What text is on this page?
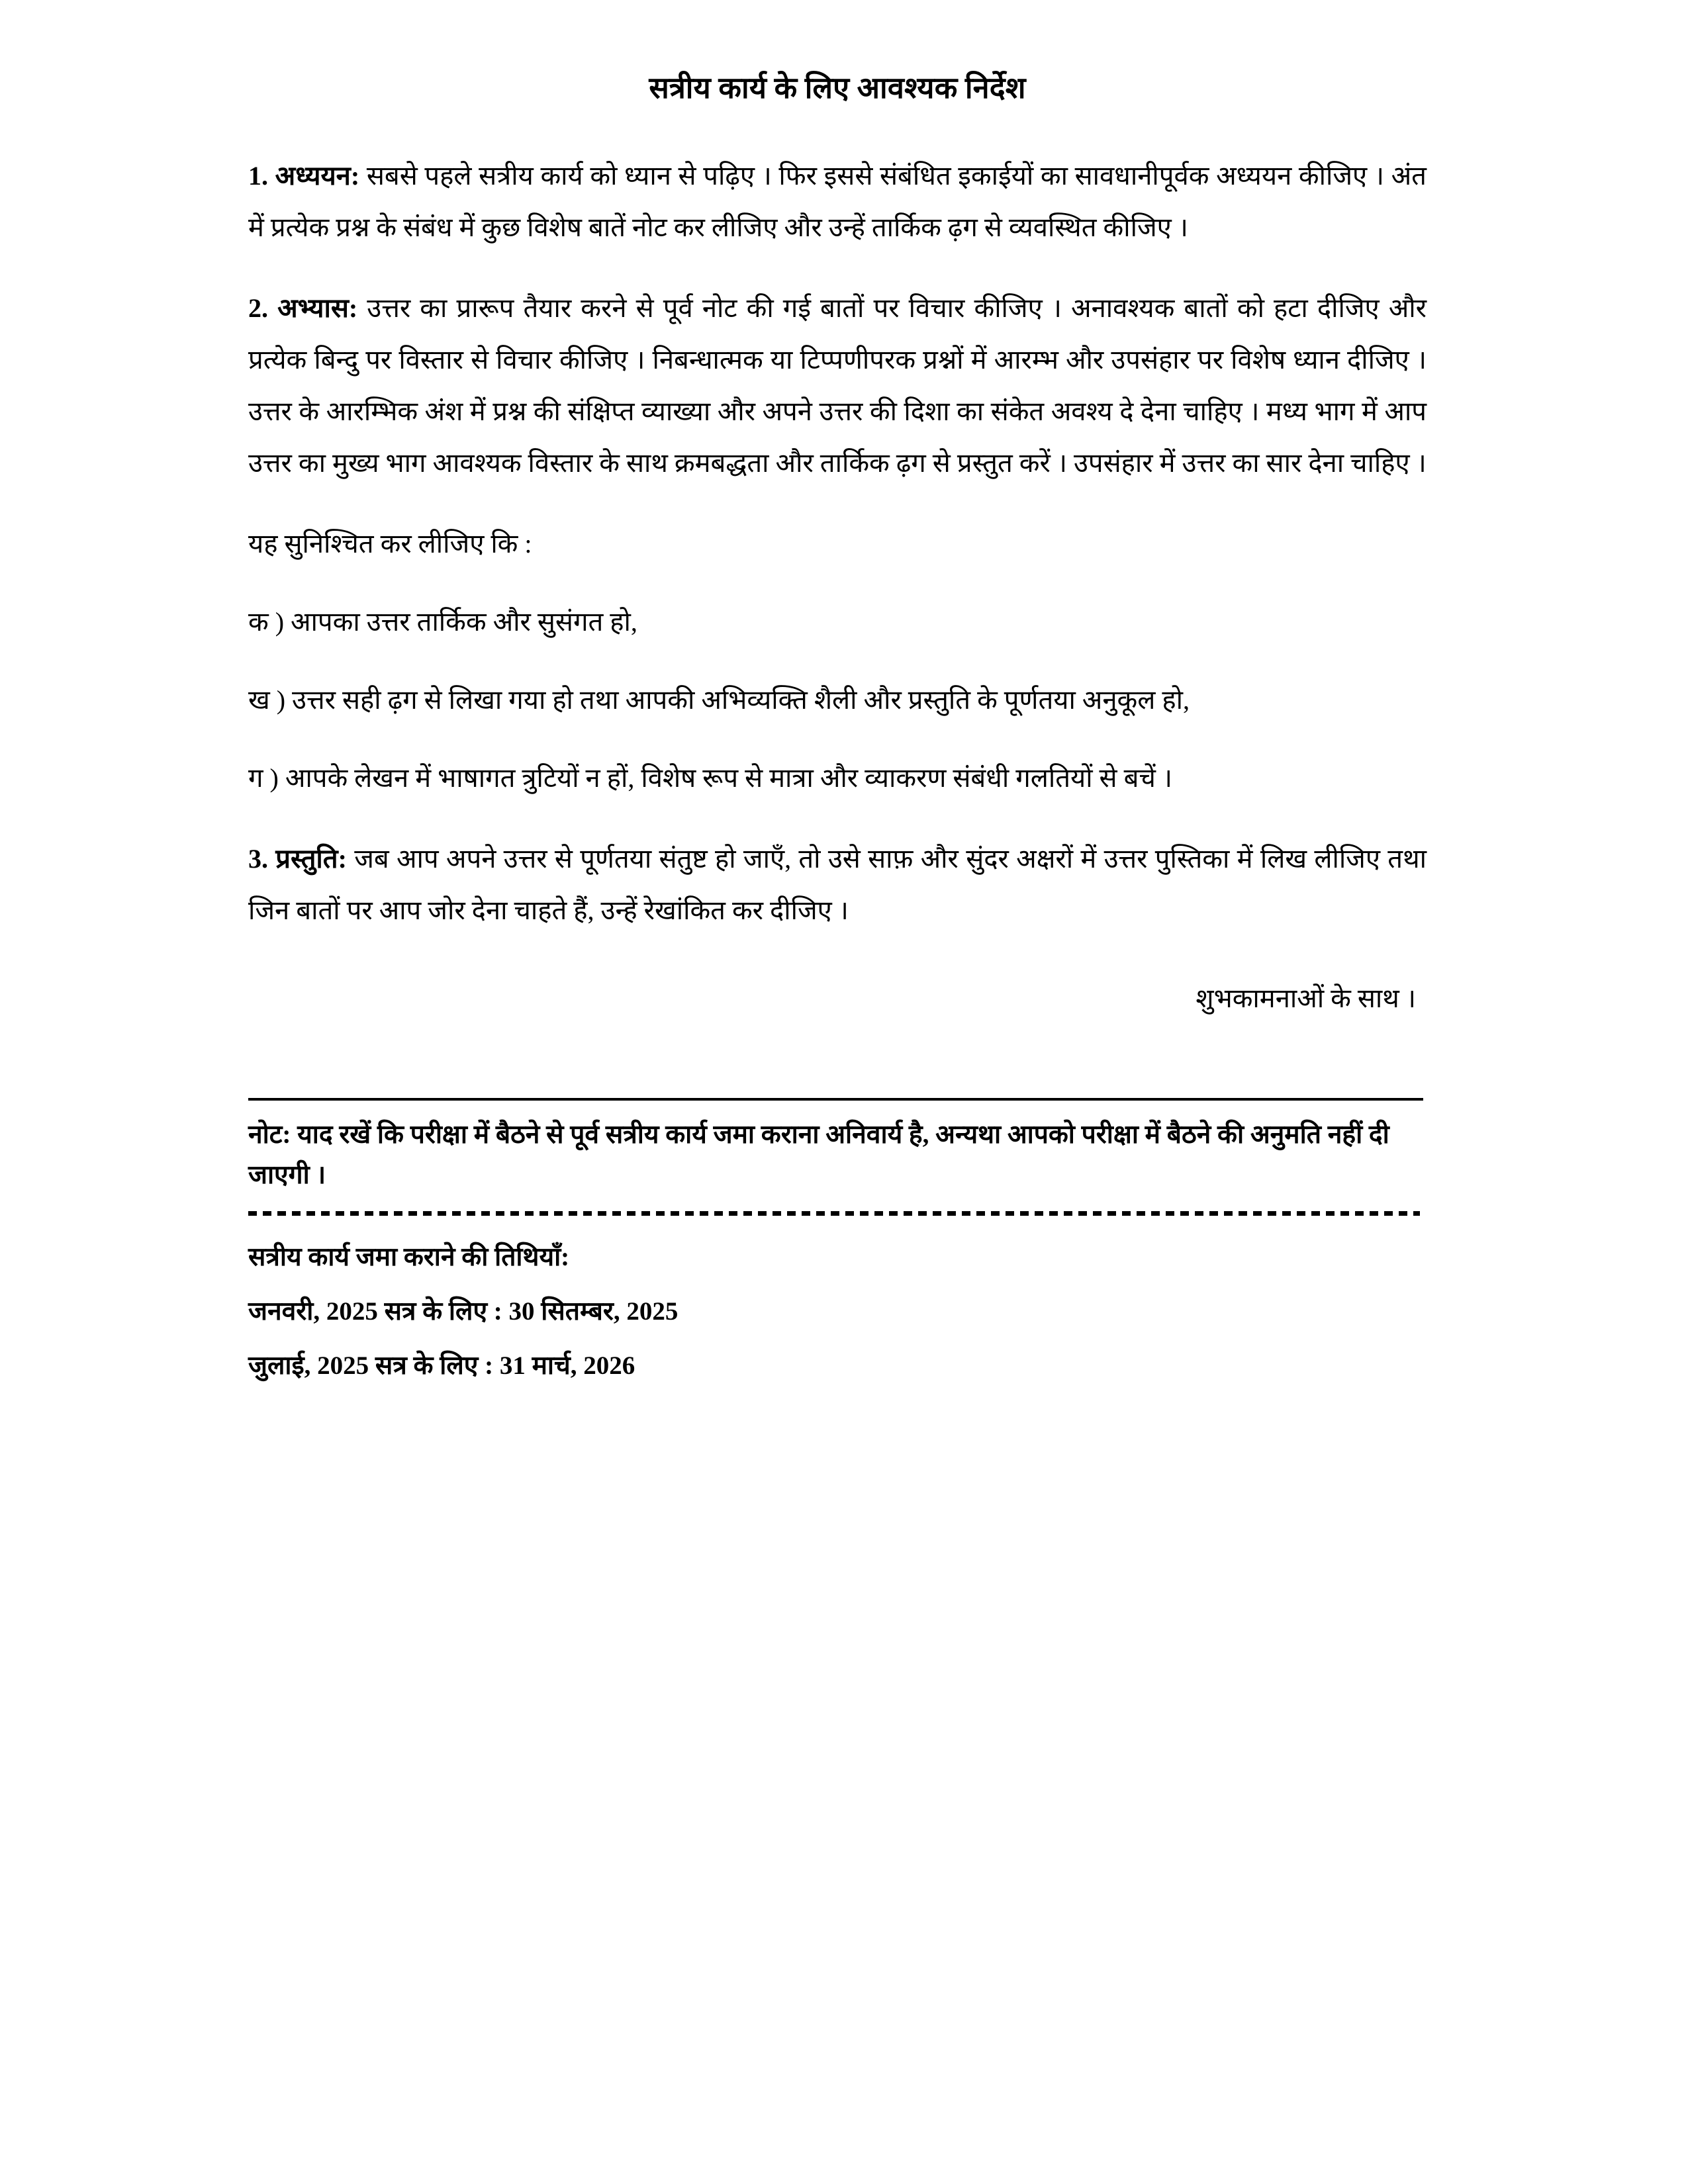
सत्रीय कार्य के लिए आवश्यक निर्देश

1. अध्ययन: सबसे पहले सत्रीय कार्य को ध्यान से पढ़िए । फिर इससे संबंधित इकाईयों का सावधानीपूर्वक अध्ययन कीजिए । अंत में प्रत्येक प्रश्न के संबंध में कुछ विशेष बातें नोट कर लीजिए और उन्हें तार्किक ढ़ग से व्यवस्थित कीजिए ।

2. अभ्यास: उत्तर का प्रारूप तैयार करने से पूर्व नोट की गई बातों पर विचार कीजिए । अनावश्यक बातों को हटा दीजिए और प्रत्येक बिन्दु पर विस्तार से विचार कीजिए । निबन्धात्मक या टिप्पणीपरक प्रश्नों में आरम्भ और उपसंहार पर विशेष ध्यान दीजिए । उत्तर के आरम्भिक अंश में प्रश्न की संक्षिप्त व्याख्या और अपने उत्तर की दिशा का संकेत अवश्य दे देना चाहिए । मध्य भाग में आप उत्तर का मुख्य भाग आवश्यक विस्तार के साथ क्रमबद्धता और तार्किक ढ़ग से प्रस्तुत करें । उपसंहार में उत्तर का सार देना चाहिए ।

यह सुनिश्चित कर लीजिए कि :

क ) आपका उत्तर तार्किक और सुसंगत हो,

ख ) उत्तर सही ढ़ग से लिखा गया हो तथा आपकी अभिव्यक्ति शैली और प्रस्तुति के पूर्णतया अनुकूल हो,

ग ) आपके लेखन में भाषागत त्रुटियों न हों, विशेष रूप से मात्रा और व्याकरण संबंधी गलतियों से बचें ।

3. प्रस्तुति: जब आप अपने उत्तर से पूर्णतया संतुष्ट हो जाएँ, तो उसे साफ़ और सुंदर अक्षरों में उत्तर पुस्तिका में लिख लीजिए तथा जिन बातों पर आप जोर देना चाहते हैं, उन्हें रेखांकित कर दीजिए ।

शुभकामनाओं के साथ ।

नोट: याद रखें कि परीक्षा में बैठने से पूर्व सत्रीय कार्य जमा कराना अनिवार्य है, अन्यथा आपको परीक्षा में बैठने की अनुमति नहीं दी जाएगी ।

सत्रीय कार्य जमा कराने की तिथियाँ:

जनवरी, 2025 सत्र के लिए : 30 सितम्बर, 2025

जुलाई, 2025 सत्र के लिए : 31 मार्च, 2026
